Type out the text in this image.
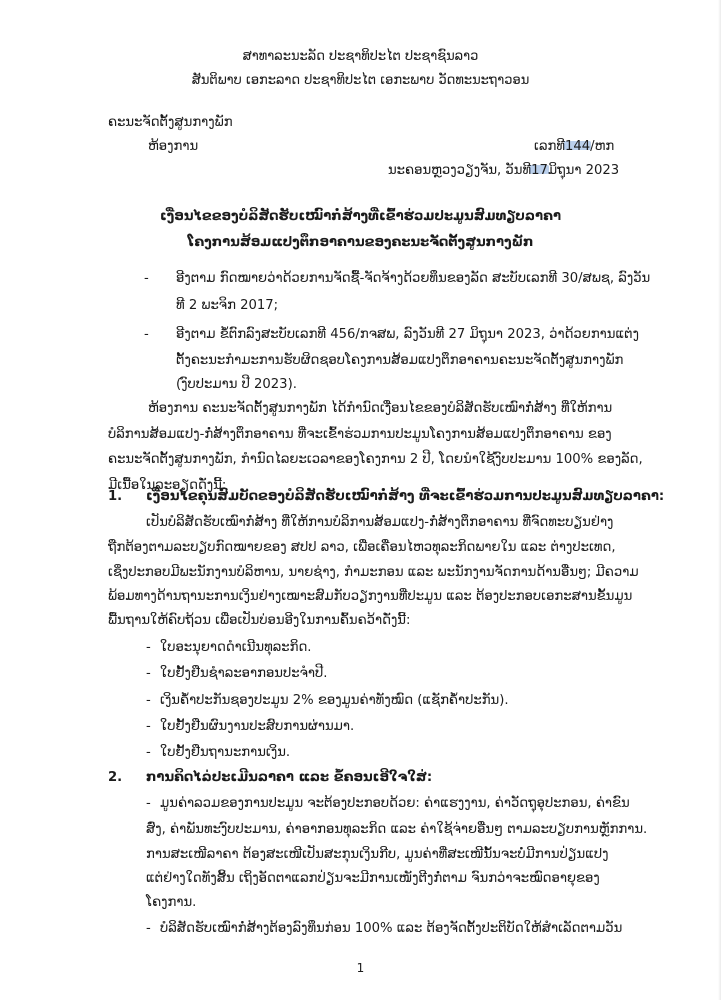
ສາທາລະນະລັດ ປະຊາທິປະໄຕ ປະຊາຊົນລາວ
ສັນຕິພາບ ເອກະລາດ ປະຊາທິປະໄຕ ເອກະພາບ ວັດທະນະຖາວອນ
ຄະນະຈັດຕັ້ງສູນກາງພັກ
ຫ້ອງການ	ເລກທີ
144/ຫກ
ນະຄອນຫຼວງວຽງຈັນ, ວັນທີ
17ມິຖຸນາ 2023
ເງື່ອນໄຂຂອງບໍລິສັດຮັບເໝົາກໍ່ສ້າງທີ່ເຂົ້າຮ່ວມປະມູນສົມທຽບລາຄາ
ໂຄງການສ້ອມແປງຕຶກອາຄານຂອງຄະນະຈັດຕັ້ງສູນກາງພັກ
- ອີງຕາມ ກົດໝາຍວ່າດ້ວຍການຈັດຊື້-ຈັດຈ້າງດ້ວຍທຶນຂອງລັດ ສະບັບເລກທີ 30/ສພຊ, ລົງວັນ
ທີ 2 ພະຈິກ 2017;
- ອີງຕາມ ຂໍ້ຕົກລົງສະບັບເລກທີ 456/ກຈສພ, ລົງວັນທີ 27 ມິຖຸນາ 2023, ວ່າດ້ວຍການແຕ່ງ
ຕັ້ງຄະນະກຳມະການຮັບຜິດຊອບໂຄງການສ້ອມແປງຕຶກອາຄານຄະນະຈັດຕັ້ງສູນກາງພັກ
(ງົບປະມານ ປີ 2023).
ຫ້ອງການ ຄະນະຈັດຕັ້ງສູນກາງພັກ ໄດ້ກຳນົດເງື່ອນໄຂຂອງບໍລິສັດຮັບເໝົາກໍ່ສ້າງ ທີ່ໃຫ້ການ
ບໍລິການສ້ອມແປງ-ກໍ່ສ້າງຕຶກອາຄານ ທີ່ຈະເຂົ້າຮ່ວມການປະມູນໂຄງການສ້ອມແປງຕຶກອາຄານ ຂອງ
ຄະນະຈັດຕັ້ງສູນກາງພັກ, ກຳນົດໄລຍະເວລາຂອງໂຄງການ 2 ປີ, ໂດຍນຳໃຊ້ງົບປະມານ 100% ຂອງລັດ,
ມີເນື້ອໃນລະອຽດດັ່ງນີ້:
1. ເງື່ອນໄຂຄຸນສົມບັດຂອງບໍລິສັດຮັບເໝົາກໍ່ສ້າງ ທີ່ຈະເຂົ້າຮ່ວມການປະມູນສົມທຽບລາຄາ:
ເປັນບໍລິສັດຮັບເໝົາກໍ່ສ້າງ ທີ່ໃຫ້ການບໍລິການສ້ອມແປງ-ກໍ່ສ້າງຕຶກອາຄານ ທີ່ຈົດທະບຽນຢ່າງ
ຖືກຕ້ອງຕາມລະບຽບກົດໝາຍຂອງ ສປປ ລາວ, ເພື່ອເຄື່ອນໄຫວທຸລະກິດພາຍໃນ ແລະ ຕ່າງປະເທດ,
ເຊິ່ງປະກອບມີພະນັກງານບໍລິຫານ, ນາຍຊ່າງ, ກຳມະກອນ ແລະ ພະນັກງານຈັດການດ້ານອື່ນໆ; ມີຄວາມ
ພ້ອມທາງດ້ານຖານະການເງິນຢ່າງເໝາະສົມກັບວຽກງານທີ່ປະມູນ ແລະ ຕ້ອງປະກອບເອກະສານຂັ້ນມູນ
ພື້ນຖານໃຫ້ຄົບຖ້ວນ ເພື່ອເປັນບ່ອນອີງໃນການຄົ້ນຄວ້າດັ່ງນີ້:
- ໃບອະນຸຍາດດຳເນີນທຸລະກິດ.
- ໃບຢັ້ງຢືນຊຳລະອາກອນປະຈຳປີ.
- ເງິນຄ້ຳປະກັນຊອງປະມູນ 2% ຂອງມູນຄ່າທັງໝົດ (ແຊັກຄ້ຳປະກັນ).
- ໃບຢັ້ງຢືນຜົນງານປະສົບການຜ່ານມາ.
- ໃບຢັ້ງຢືນຖານະການເງິນ.
2. ການຄິດໄລ່ປະເມີນລາຄາ ແລະ ຂໍ້ຄອນເອີໃຈໃສ່:
- ມູນຄ່າລວມຂອງການປະມູນ ຈະຕ້ອງປະກອບດ້ວຍ: ຄ່າແຮງງານ, ຄ່າວັດຖຸອຸປະກອນ, ຄ່າຂົນ
ສົ່ງ, ຄ່າພັນທະງົບປະມານ, ຄ່າອາກອນທຸລະກິດ ແລະ ຄ່າໃຊ້ຈ່າຍອື່ນໆ ຕາມລະບຽບການຫຼັກການ.
ການສະເໜີລາຄາ ຕ້ອງສະເໜີເປັນສະກຸນເງິນກີບ, ມູນຄ່າທີ່ສະເໜີນັ້ນຈະບໍ່ມີການປ່ຽນແປງ
ແຕ່ຢ່າງໃດທັງສິ້ນ ເຖິງອັດຕາແລກປ່ຽນຈະມີການເໜັງຕີງກໍ່ຕາມ ຈົນກວ່າຈະໝົດອາຍຸຂອງ
ໂຄງການ.
- ບໍລິສັດຮັບເໝົາກໍ່ສ້າງຕ້ອງລົງທຶນກ່ອນ 100% ແລະ ຕ້ອງຈັດຕັ້ງປະຕິບັດໃຫ້ສຳເລັດຕາມວັນ
1
